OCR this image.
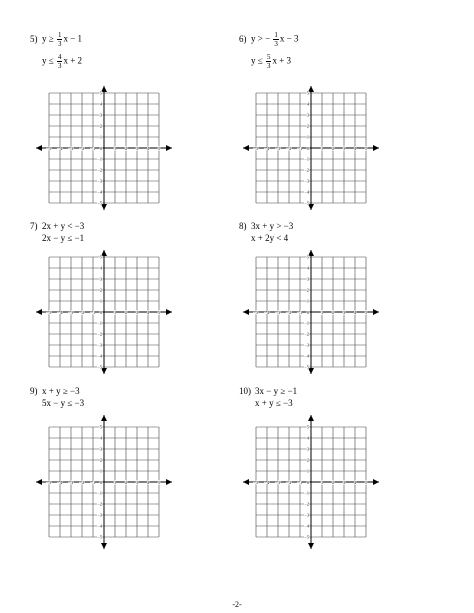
5) $y \ge \frac{1}{3}$ x − 1
$y \le \frac{4}{3}$ x + 2
6) y > − $\frac{1}{3}$ x − 3
$y \le \frac{5}{3}$ x + 3
7) 2x + y < −3
2x − y ≤ −1
8) 3x + y > −3
x + 2y < 4
9) x + y ≥ −3
5x − y ≤ −3
10) 3x − y ≥ −1
x + y ≤ −3
−5 −4 −3 −2 −1 0	1 2 3 4 5
5
4
3
2
1
−1
−2
−3
−4
−5
−5 −4 −3 −2 −1 0	1 2 3 4 5
5
4
3
2
1
−1
−2
−3
−4
−5
−5 −4 −3 −2 −1 0	1 2 3 4 5
5
4
3
2
1
−1
−2
−3
−4
−5
−5 −4 −3 −2 −1 0	1 2 3 4 5
5
4
3
2
1
−1
−2
−3
−4
−5
−5 −4 −3 −2 −1 0	1 2 3 4 5
5
4
3
2
1
−1
−2
−3
−4
−5
−5 −4 −3 −2 −1 0	1 2 3 4 5
5
4
3
2
1
−1
−2
−3
−4
−5
-2-
